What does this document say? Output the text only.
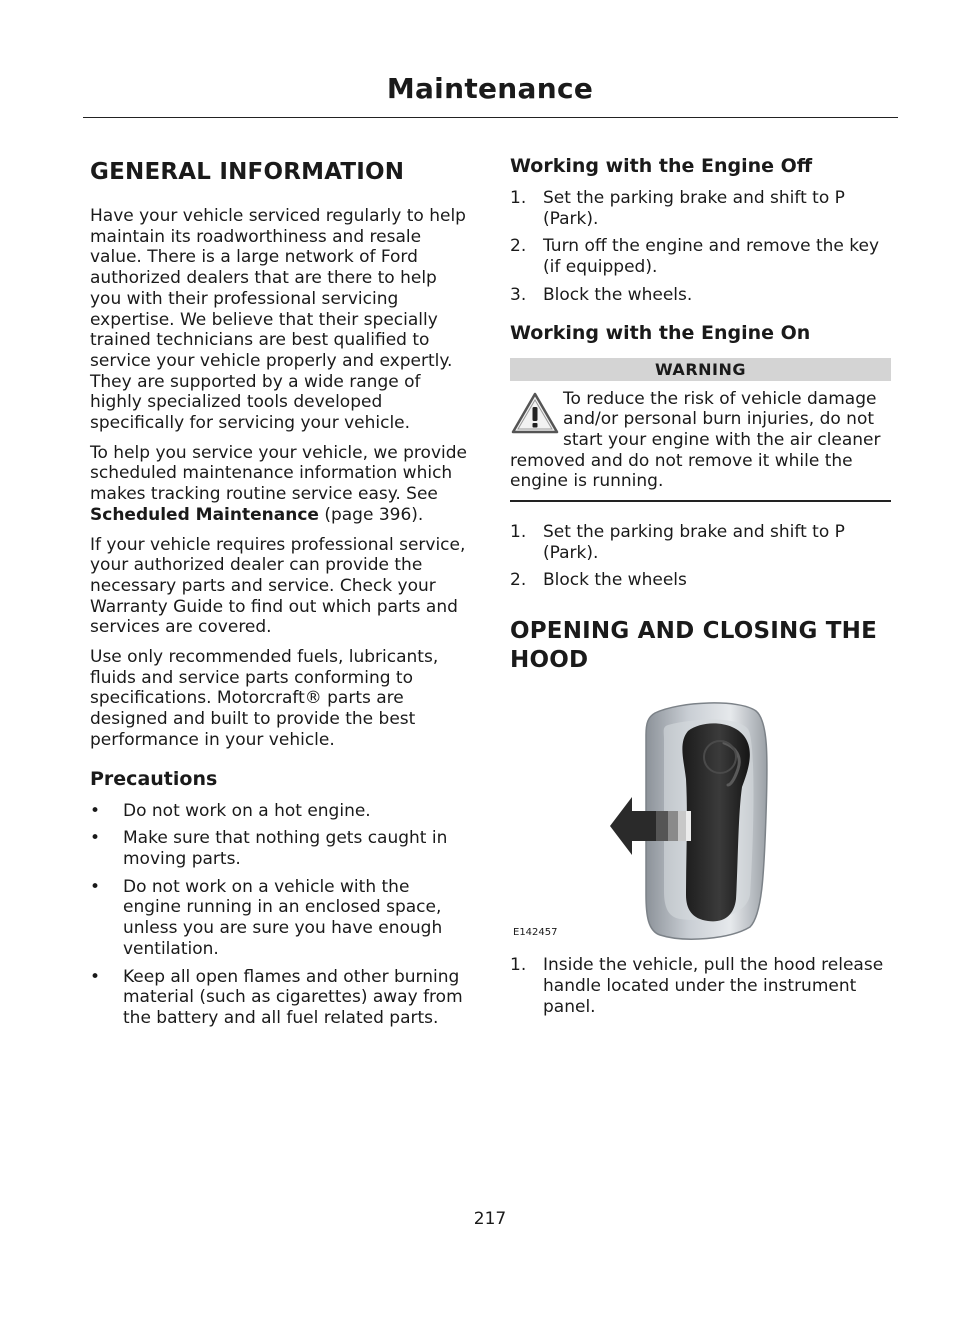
Maintenance
GENERAL INFORMATION

Have your vehicle serviced regularly to help maintain its roadworthiness and resale value. There is a large network of Ford authorized dealers that are there to help you with their professional servicing expertise. We believe that their specially trained technicians are best qualified to service your vehicle properly and expertly. They are supported by a wide range of highly specialized tools developed specifically for servicing your vehicle.

To help you service your vehicle, we provide scheduled maintenance information which makes tracking routine service easy. See Scheduled Maintenance (page 396).

If your vehicle requires professional service, your authorized dealer can provide the necessary parts and service. Check your Warranty Guide to find out which parts and services are covered.

Use only recommended fuels, lubricants, fluids and service parts conforming to specifications. Motorcraft® parts are designed and built to provide the best performance in your vehicle.

Precautions
• Do not work on a hot engine.
• Make sure that nothing gets caught in moving parts.
• Do not work on a vehicle with the engine running in an enclosed space, unless you are sure you have enough ventilation.
• Keep all open flames and other burning material (such as cigarettes) away from the battery and all fuel related parts.
Working with the Engine Off
1. Set the parking brake and shift to P (Park).
2. Turn off the engine and remove the key (if equipped).
3. Block the wheels.
Working with the Engine On
WARNING
To reduce the risk of vehicle damage and/or personal burn injuries, do not start your engine with the air cleaner removed and do not remove it while the engine is running.
1. Set the parking brake and shift to P (Park).
2. Block the wheels
OPENING AND CLOSING THE HOOD
E142457
1. Inside the vehicle, pull the hood release handle located under the instrument panel.
217
